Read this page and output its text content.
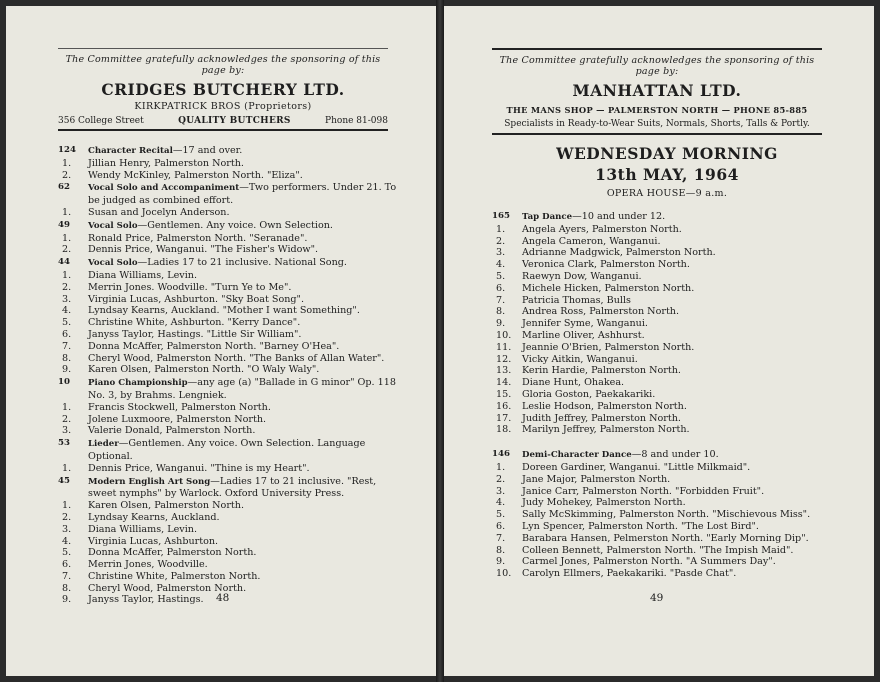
The Committee gratefully acknowledges the sponsoring of this page by:
CRIDGES BUTCHERY LTD.
KIRKPATRICK BROS (Proprietors)
356 College Street	QUALITY BUTCHERS	Phone 81-098
124	Character Recital—17 and over.
1.	Jillian Henry, Palmerston North.
2.	Wendy McKinley, Palmerston North. "Eliza".
62	Vocal Solo and Accompaniment—Two performers. Under 21. To be judged as combined effort.
1.	Susan and Jocelyn Anderson.
49	Vocal Solo—Gentlemen. Any voice. Own Selection.
1.	Ronald Price, Palmerston North. "Seranade".
2.	Dennis Price, Wanganui. "The Fisher's Widow".
44	Vocal Solo—Ladies 17 to 21 inclusive. National Song.
1.	Diana Williams, Levin.
2.	Merrin Jones. Woodville. "Turn Ye to Me".
3.	Virginia Lucas, Ashburton. "Sky Boat Song".
4.	Lyndsay Kearns, Auckland. "Mother I want Something".
5.	Christine White, Ashburton. "Kerry Dance".
6.	Janyss Taylor, Hastings. "Little Sir William".
7.	Donna McAffer, Palmerston North. "Barney O'Hea".
8.	Cheryl Wood, Palmerston North. "The Banks of Allan Water".
9.	Karen Olsen, Palmerston North. "O Waly Waly".
10	Piano Championship—any age (a) "Ballade in G minor" Op. 118 No. 3, by Brahms. Lengniek.
1.	Francis Stockwell, Palmerston North.
2.	Jolene Luxmoore, Palmerston North.
3.	Valerie Donald, Palmerston North.
53	Lieder—Gentlemen. Any voice. Own Selection. Language Optional.
1.	Dennis Price, Wanganui. "Thine is my Heart".
45	Modern English Art Song—Ladies 17 to 21 inclusive. "Rest, sweet nymphs" by Warlock. Oxford University Press.
1.	Karen Olsen, Palmerston North.
2.	Lyndsay Kearns, Auckland.
3.	Diana Williams, Levin.
4.	Virginia Lucas, Ashburton.
5.	Donna McAffer, Palmerston North.
6.	Merrin Jones, Woodville.
7.	Christine White, Palmerston North.
8.	Cheryl Wood, Palmerston North.
9.	Janyss Taylor, Hastings.	48
The Committee gratefully acknowledges the sponsoring of this page by:
MANHATTAN LTD.
THE MANS SHOP — PALMERSTON NORTH — PHONE 85-885
Specialists in Ready-to-Wear Suits, Normals, Shorts, Talls & Portly.
WEDNESDAY MORNING
13th MAY, 1964
OPERA HOUSE—9 a.m.
165	Tap Dance—10 and under 12.
1.	Angela Ayers, Palmerston North.
2.	Angela Cameron, Wanganui.
3.	Adrianne Madgwick, Palmerston North.
4.	Veronica Clark, Palmerston North.
5.	Raewyn Dow, Wanganui.
6.	Michele Hicken, Palmerston North.
7.	Patricia Thomas, Bulls
8.	Andrea Ross, Palmerston North.
9.	Jennifer Syme, Wanganui.
10.	Marline Oliver, Ashhurst.
11.	Jeannie O'Brien, Palmerston North.
12.	Vicky Aitkin, Wanganui.
13.	Kerin Hardie, Palmerston North.
14.	Diane Hunt, Ohakea.
15.	Gloria Goston, Paekakariki.
16.	Leslie Hodson, Palmerston North.
17.	Judith Jeffrey, Palmerston North.
18.	Marilyn Jeffrey, Palmerston North.
146	Demi-Character Dance—8 and under 10.
1.	Doreen Gardiner, Wanganui. "Little Milkmaid".
2.	Jane Major, Palmerston North.
3.	Janice Carr, Palmerston North. "Forbidden Fruit".
4.	Judy Mohekey, Palmerston North.
5.	Sally McSkimming, Palmerston North. "Mischievous Miss".
6.	Lyn Spencer, Palmerston North. "The Lost Bird".
7.	Barabara Hansen, Pelmerston North. "Early Morning Dip".
8.	Colleen Bennett, Palmerston North. "The Impish Maid".
9.	Carmel Jones, Palmerston North. "A Summers Day".
10.	Carolyn Ellmers, Paekakariki. "Pasde Chat".
49
